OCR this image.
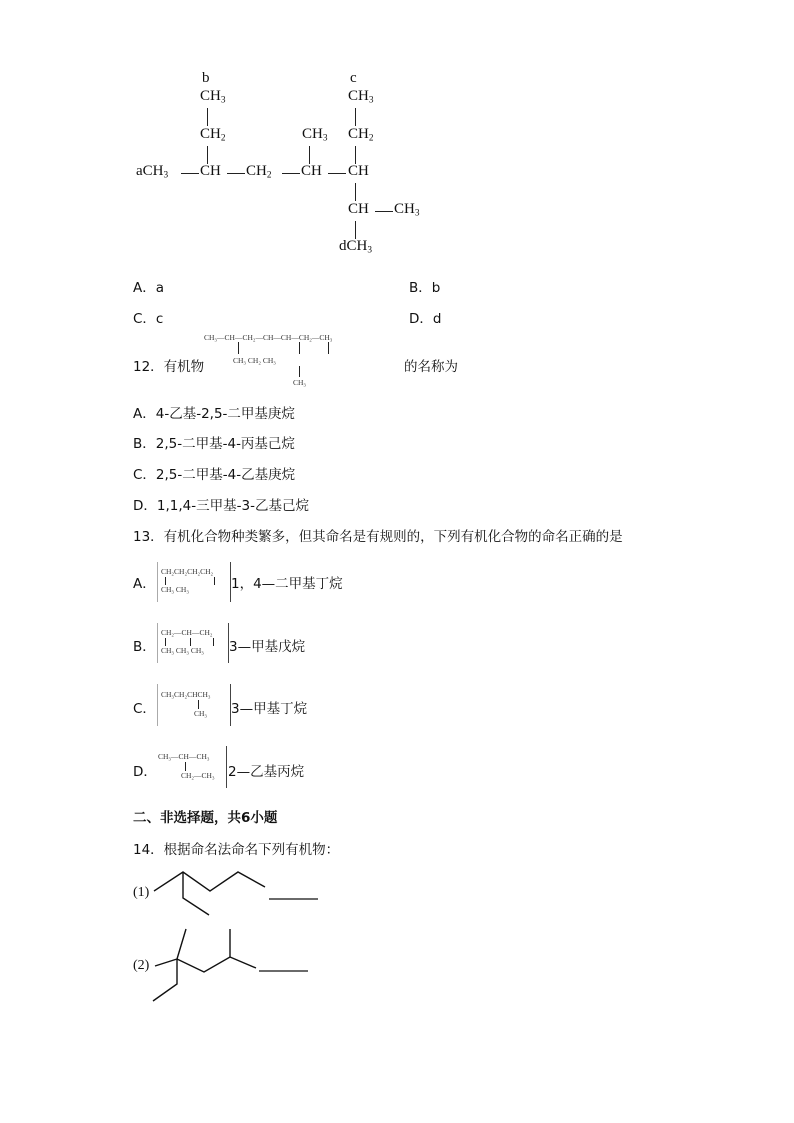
b	c
$CH_3$	$CH_3$
$CH_2$	$CH_3$ $CH_2$
aCH$_3$ CH $CH_2$ CH CH
CH $CH_3$
dCH$_3$
A．a	B．b
C．c	D．d
12．有机物
CH₃—CH—CH₂—CH—CH—CH₂—CH₃
CH₃ CH₂ CH₃
CH₃
的名称为
A．4-乙基-2,5-二甲基庚烷
B．2,5-二甲基-4-丙基己烷
C．2,5-二甲基-4-乙基庚烷
D．1,1,4-三甲基-3-乙基己烷
13．有机化合物种类繁多，但其命名是有规则的，下列有机化合物的命名正确的是
A．
CH₂CH₂CH₂CH₂
CH₃ CH₃	1，4—二甲基丁烷
B．
CH₂—CH—CH₂
CH₃ CH₃ CH₃ 3—甲基戊烷
C．
CH₃CH₂CHCH₃
CH₃ 3—甲基丁烷
D．
CH₃—CH—CH₃
CH₂—CH₃ 2—乙基丙烷
二、非选择题，共6小题
14．根据命名法命名下列有机物：
(1)
(2)
